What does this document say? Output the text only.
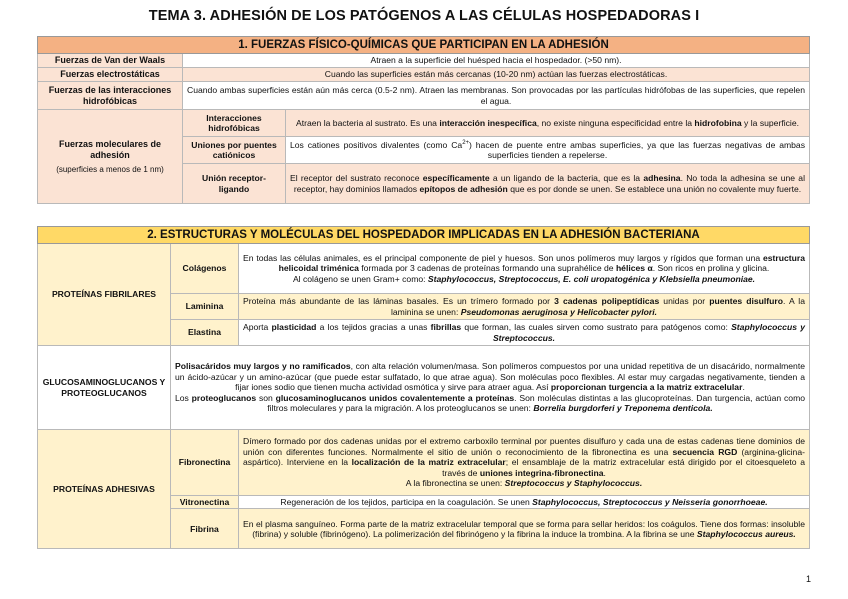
TEMA 3. ADHESIÓN DE LOS PATÓGENOS A LAS CÉLULAS HOSPEDADORAS I
1. FUERZAS FÍSICO-QUÍMICAS QUE PARTICIPAN EN LA ADHESIÓN		
Fuerzas de Van der Waals	Atraen a la superficie del huésped hacia el hospedador. (>50 nm).	
Fuerzas electrostáticas	Cuando las superficies están más cercanas (10-20 nm) actúan las fuerzas electrostáticas.	
Fuerzas de las interacciones hidrofóbicas	Cuando ambas superficies están aún más cerca (0.5-2 nm). Atraen las membranas. Son provocadas por las partículas hidrófobas de las superficies, que repelen el agua.	

Fuerzas moleculares de adhesión
(superficies a menos de 1 nm)	Interacciones hidrofóbicas	Atraen la bacteria al sustrato. Es una interacción inespecífica, no existe ninguna especificidad entre la hidrofobina y la superficie.
	Uniones por puentes catiónicos	Los cationes positivos divalentes (como $Ca^{2+}$) hacen de puente entre ambas superficies, ya que las fuerzas negativas de ambas superficies tienden a repelerse.
	Unión receptor-ligando	El receptor del sustrato reconoce específicamente a un ligando de la bacteria, que es la adhesina. No toda la adhesina se une al receptor, hay dominios llamados epítopos de adhesión que es por donde se unen. Se establece una unión no covalente muy fuerte.
2. ESTRUCTURAS Y MOLÉCULAS DEL HOSPEDADOR IMPLICADAS EN LA ADHESIÓN BACTERIANA		
PROTEÍNAS FIBRILARES	Colágenos	En todas las células animales, es el principal componente de piel y huesos. Son unos polímeros muy largos y rígidos que forman una estructura helicoidal triménica formada por 3 cadenas de proteínas formando una suprahélice de hélices α. Son ricos en prolina y glicina.
Al colágeno se unen Gram+ como: Staphylococcus, Streptococcus, E. coli uropatogénica y Klebsiella pneumoniae.
	Laminina	Proteína más abundante de las láminas basales. Es un trímero formado por 3 cadenas polipeptídicas unidas por puentes disulfuro. A la laminina se unen: Pseudomonas aeruginosa y Helicobacter pylori.
	Elastina	Aporta plasticidad a los tejidos gracias a unas fibrillas que forman, las cuales sirven como sustrato para patógenos como: Staphylococcus y Streptococcus.
GLUCOSAMINOGLUCANOS Y PROTEOGLUCANOS	Polisacáridos muy largos y no ramificados, con alta relación volumen/masa. Son polímeros compuestos por una unidad repetitiva de un disacárido, normalmente un ácido-azúcar y un amino-azúcar (que puede estar sulfatado, lo que atrae agua). Son moléculas poco flexibles. Al estar muy cargadas negativamente, tienden a fijar iones sodio que tienen mucha actividad osmótica y sirve para atraer agua. Así proporcionan turgencia a la matriz extracelular.
Los proteoglucanos son glucosaminoglucanos unidos covalentemente a proteínas. Son moléculas distintas a las glucoproteínas. Dan turgencia, actúan como filtros moleculares y para la migración. A los proteoglucanos se unen: Borrelia burgdorferi y Treponema denticola.	
PROTEÍNAS ADHESIVAS	Fibronectina	Dímero formado por dos cadenas unidas por el extremo carboxilo terminal por puentes disulfuro y cada una de estas cadenas tiene dominios de unión con diferentes funciones. Normalmente el sitio de unión o reconocimiento de la fibronectina es una secuencia RGD (arginina-glicina-aspártico). Interviene en la localización de la matriz extracelular; el ensamblaje de la matriz extracelular está dirigido por el citoesqueleto a través de uniones integrina-fibronectina.
A la fibronectina se unen: Streptococcus y Staphylococcus.
	Vitronectina	Regeneración de los tejidos, participa en la coagulación. Se unen Staphylococcus, Streptococcus y Neisseria gonorrhoeae.
	Fibrina	En el plasma sanguíneo. Forma parte de la matriz extracelular temporal que se forma para sellar heridos: los coágulos. Tiene dos formas: insoluble (fibrina) y soluble (fibrinógeno). La polimerización del fibrinógeno y la fibrina la induce la trombina. A la fibrina se une Staphylococcus aureus.
1
